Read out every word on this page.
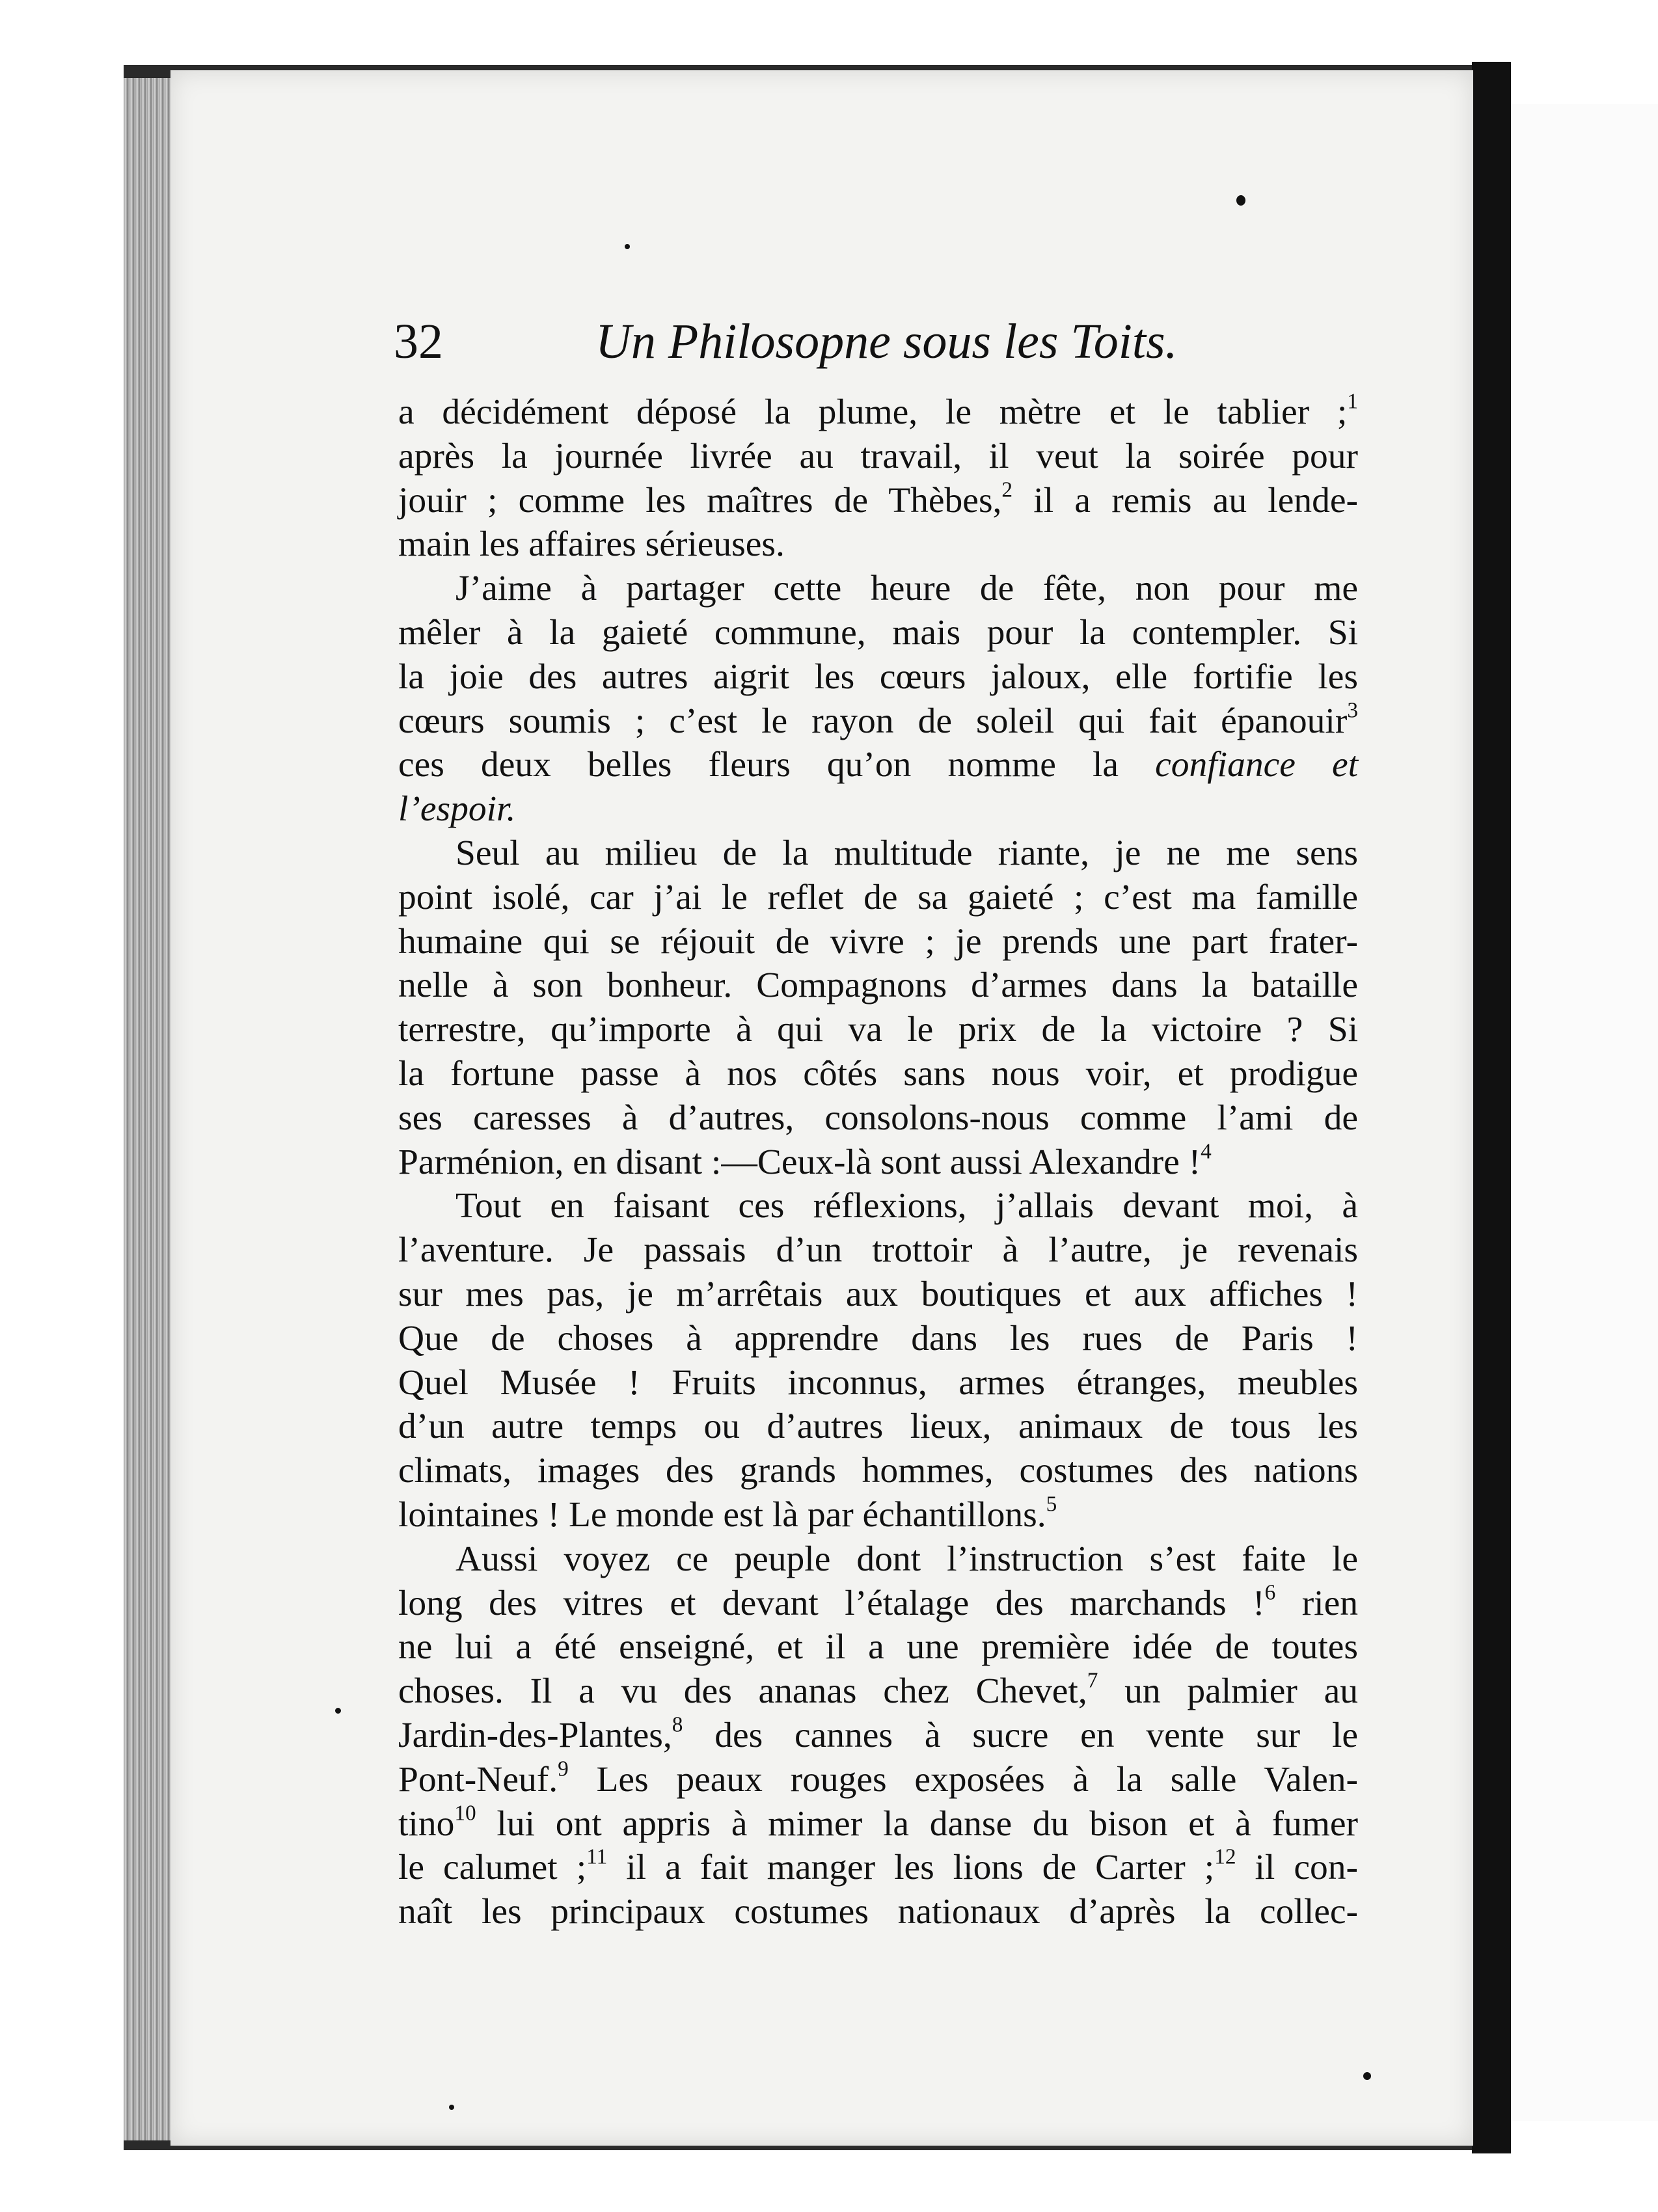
32	Un Philosopne sous les Toits.
a décidément déposé la plume, le mètre et le tablier ;$^1$
après la journée livrée au travail, il veut la soirée pour
jouir ; comme les maîtres de Thèbes,$^2$ il a remis au lende-
main les affaires sérieuses.
J’aime à partager cette heure de fête, non pour me
mêler à la gaieté commune, mais pour la contempler. Si
la joie des autres aigrit les cœurs jaloux, elle fortifie les
cœurs soumis ; c’est le rayon de soleil qui fait épanouir$^3$
ces deux belles fleurs qu’on nomme la confiance et
l’espoir.
Seul au milieu de la multitude riante, je ne me sens
point isolé, car j’ai le reflet de sa gaieté ; c’est ma famille
humaine qui se réjouit de vivre ; je prends une part frater-
nelle à son bonheur. Compagnons d’armes dans la bataille
terrestre, qu’importe à qui va le prix de la victoire ? Si
la fortune passe à nos côtés sans nous voir, et prodigue
ses caresses à d’autres, consolons-nous comme l’ami de
Parménion, en disant :—Ceux-là sont aussi Alexandre !$^4$
Tout en faisant ces réflexions, j’allais devant moi, à
l’aventure. Je passais d’un trottoir à l’autre, je revenais
sur mes pas, je m’arrêtais aux boutiques et aux affiches !
Que de choses à apprendre dans les rues de Paris !
Quel Musée ! Fruits inconnus, armes étranges, meubles
d’un autre temps ou d’autres lieux, animaux de tous les
climats, images des grands hommes, costumes des nations
lointaines ! Le monde est là par échantillons.$^5$
Aussi voyez ce peuple dont l’instruction s’est faite le
long des vitres et devant l’étalage des marchands !$^6$ rien
ne lui a été enseigné, et il a une première idée de toutes
choses. Il a vu des ananas chez Chevet,$^7$ un palmier au
Jardin-des-Plantes,$^8$ des cannes à sucre en vente sur le
Pont-Neuf.$^9$ Les peaux rouges exposées à la salle Valen-
tino$^{10}$ lui ont appris à mimer la danse du bison et à fumer
le calumet ;$^{11}$ il a fait manger les lions de Carter ;$^{12}$ il con-
naît les principaux costumes nationaux d’après la collec-
